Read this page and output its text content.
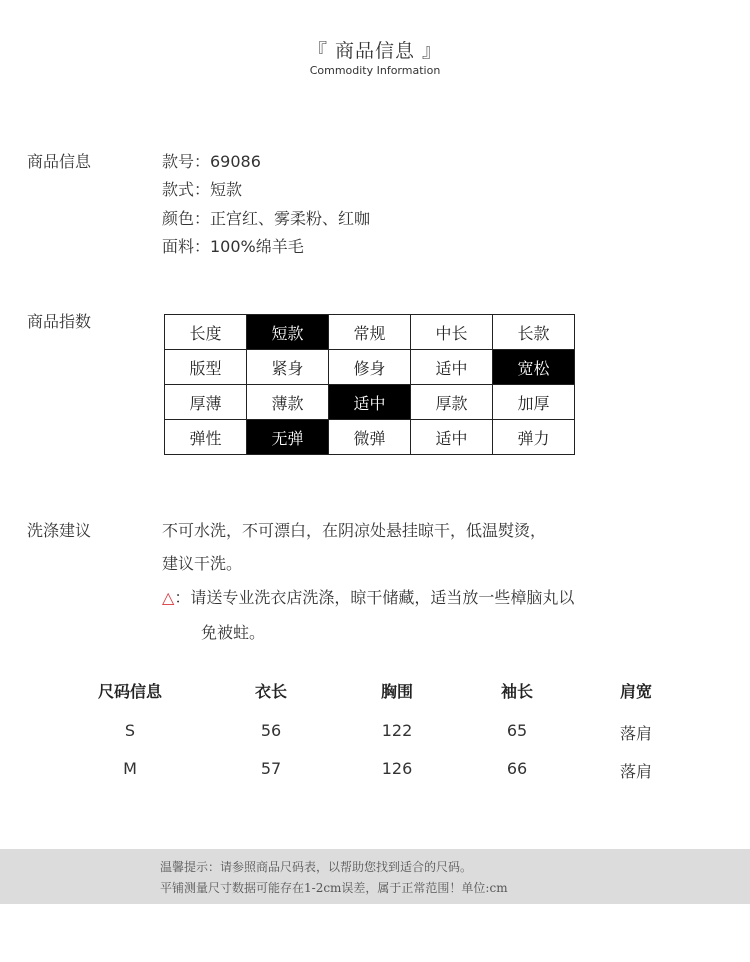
『 商品信息 』
Commodity Information
商品信息	款号：69086
款式：短款
颜色：正宫红、雾柔粉、红咖
面料：100%绵羊毛
商品指数
长度	短款	常规	中长	长款
版型	紧身	修身	适中	宽松
厚薄	薄款	适中	厚款	加厚
弹性	无弹	微弹	适中	弹力
洗涤建议	不可水洗，不可漂白，在阴凉处悬挂晾干，低温熨烫，
建议干洗。
△：请送专业洗衣店洗涤，晾干储藏，适当放一些樟脑丸以
免被蛀。
尺码信息	衣长	胸围	袖长	肩宽
S	56	122	65	落肩
M	57	126	66	落肩
温馨提示：请参照商品尺码表，以帮助您找到适合的尺码。
平铺测量尺寸数据可能存在1-2cm误差，属于正常范围！单位:cm
